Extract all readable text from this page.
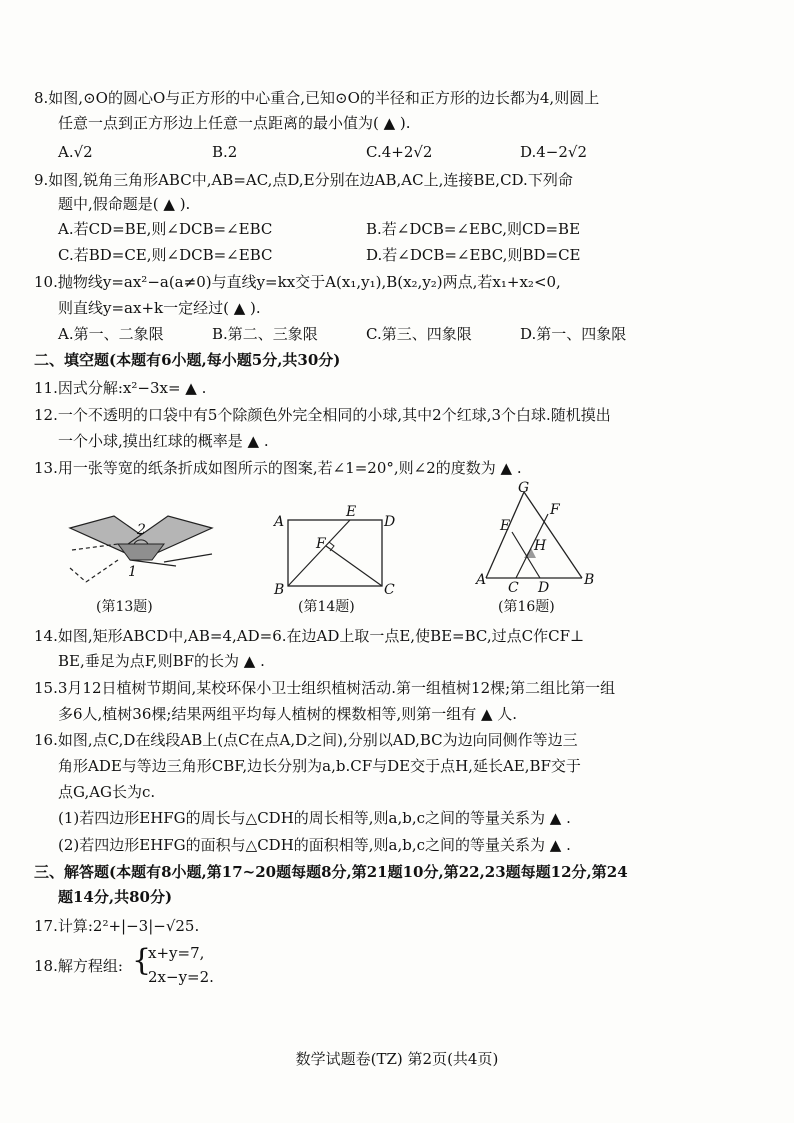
8.如图,⊙O的圆心O与正方形的中心重合,已知⊙O的半径和正方形的边长都为4,则圆上
任意一点到正方形边上任意一点距离的最小值为( ▲ ).
A.√2	B.2	C.4+2√2	D.4−2√2
9.如图,锐角三角形ABC中,AB=AC,点D,E分别在边AB,AC上,连接BE,CD.下列命
题中,假命题是( ▲ ).
A.若CD=BE,则∠DCB=∠EBC	B.若∠DCB=∠EBC,则CD=BE
C.若BD=CE,则∠DCB=∠EBC	D.若∠DCB=∠EBC,则BD=CE
10.抛物线y=ax²−a(a≠0)与直线y=kx交于A(x₁,y₁),B(x₂,y₂)两点,若x₁+x₂<0,
则直线y=ax+k一定经过( ▲ ).
A.第一、二象限	B.第二、三象限	C.第三、四象限	D.第一、四象限
二、填空题(本题有6小题,每小题5分,共30分)
11.因式分解:x²−3x= ▲ .
12.一个不透明的口袋中有5个除颜色外完全相同的小球,其中2个红球,3个白球.随机摸出
一个小球,摸出红球的概率是 ▲ .
13.用一张等宽的纸条折成如图所示的图案,若∠1=20°,则∠2的度数为 ▲ .
2
1
(第13题)
A
B	C
D
E
F
(第14题)
G
E
F
H
A	B
C D
(第16题)
14.如图,矩形ABCD中,AB=4,AD=6.在边AD上取一点E,使BE=BC,过点C作CF⊥
BE,垂足为点F,则BF的长为 ▲ .
15.3月12日植树节期间,某校环保小卫士组织植树活动.第一组植树12棵;第二组比第一组
多6人,植树36棵;结果两组平均每人植树的棵数相等,则第一组有 ▲ 人.
16.如图,点C,D在线段AB上(点C在点A,D之间),分别以AD,BC为边向同侧作等边三
角形ADE与等边三角形CBF,边长分别为a,b.CF与DE交于点H,延长AE,BF交于
点G,AG长为c.
(1)若四边形EHFG的周长与△CDH的周长相等,则a,b,c之间的等量关系为 ▲ .
(2)若四边形EHFG的面积与△CDH的面积相等,则a,b,c之间的等量关系为 ▲ .
三、解答题(本题有8小题,第17~20题每题8分,第21题10分,第22,23题每题12分,第24
题14分,共80分)
17.计算:2²+|−3|−√25.
18.解方程组: {
x+y=7,
2x−y=2.
数学试题卷(TZ) 第2页(共4页)
